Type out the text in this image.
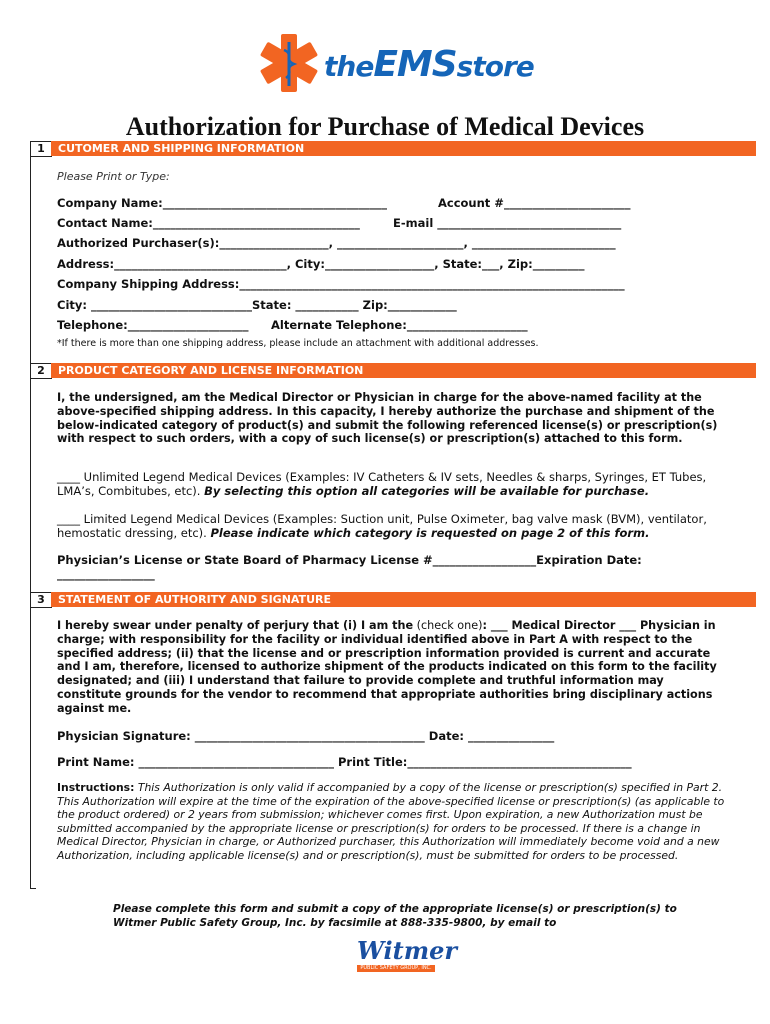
theEMSstore
Authorization for Purchase of Medical Devices
1	CUTOMER AND SHIPPING INFORMATION
Please Print or Type:
Company Name:_______________________________________	Account #______________________
Contact Name:____________________________________	E-mail ________________________________
Authorized Purchaser(s):___________________, ______________________, _________________________
Address:______________________________, City:___________________, State:___, Zip:_________
Company Shipping Address:___________________________________________________________________
City: ____________________________State: ___________ Zip:____________
Telephone:_____________________ Alternate Telephone:_____________________
*If there is more than one shipping address, please include an attachment with additional addresses.
2	PRODUCT CATEGORY AND LICENSE INFORMATION
I, the undersigned, am the Medical Director or Physician in charge for the above-named facility at the above-specified shipping address. In this capacity, I hereby authorize the purchase and shipment of the below-indicated category of product(s) and submit the following referenced license(s) or prescription(s) with respect to such orders, with a copy of such license(s) or prescription(s) attached to this form.
____ Unlimited Legend Medical Devices (Examples: IV Catheters & IV sets, Needles & sharps, Syringes, ET Tubes, LMA’s, Combitubes, etc). By selecting this option all categories will be available for purchase.
____ Limited Legend Medical Devices (Examples: Suction unit, Pulse Oximeter, bag valve mask (BVM), ventilator, hemostatic dressing, etc). Please indicate which category is requested on page 2 of this form.
Physician’s License or State Board of Pharmacy License #__________________Expiration Date:
_________________
3	STATEMENT OF AUTHORITY AND SIGNATURE
I hereby swear under penalty of perjury that (i) I am the (check one): ___ Medical Director ___ Physician in charge; with responsibility for the facility or individual identified above in Part A with respect to the specified address; (ii) that the license and or prescription information provided is current and accurate and I am, therefore, licensed to authorize shipment of the products indicated on this form to the facility designated; and (iii) I understand that failure to provide complete and truthful information may constitute grounds for the vendor to recommend that appropriate authorities bring disciplinary actions against me.
Physician Signature: ________________________________________ Date: _______________
Print Name: __________________________________ Print Title:_______________________________________
Instructions: This Authorization is only valid if accompanied by a copy of the license or prescription(s) specified in Part 2. This Authorization will expire at the time of the expiration of the above-specified license or prescription(s) (as applicable to the product ordered) or 2 years from submission; whichever comes first. Upon expiration, a new Authorization must be submitted accompanied by the appropriate license or prescription(s) for orders to be processed. If there is a change in Medical Director, Physician in charge, or Authorized purchaser, this Authorization will immediately become void and a new Authorization, including applicable license(s) and or prescription(s), must be submitted for orders to be processed.
Please complete this form and submit a copy of the appropriate license(s) or prescription(s) to
Witmer Public Safety Group, Inc. by facsimile at 888-335-9800, by email to
Witmer
PUBLIC SAFETY GROUP, INC.
